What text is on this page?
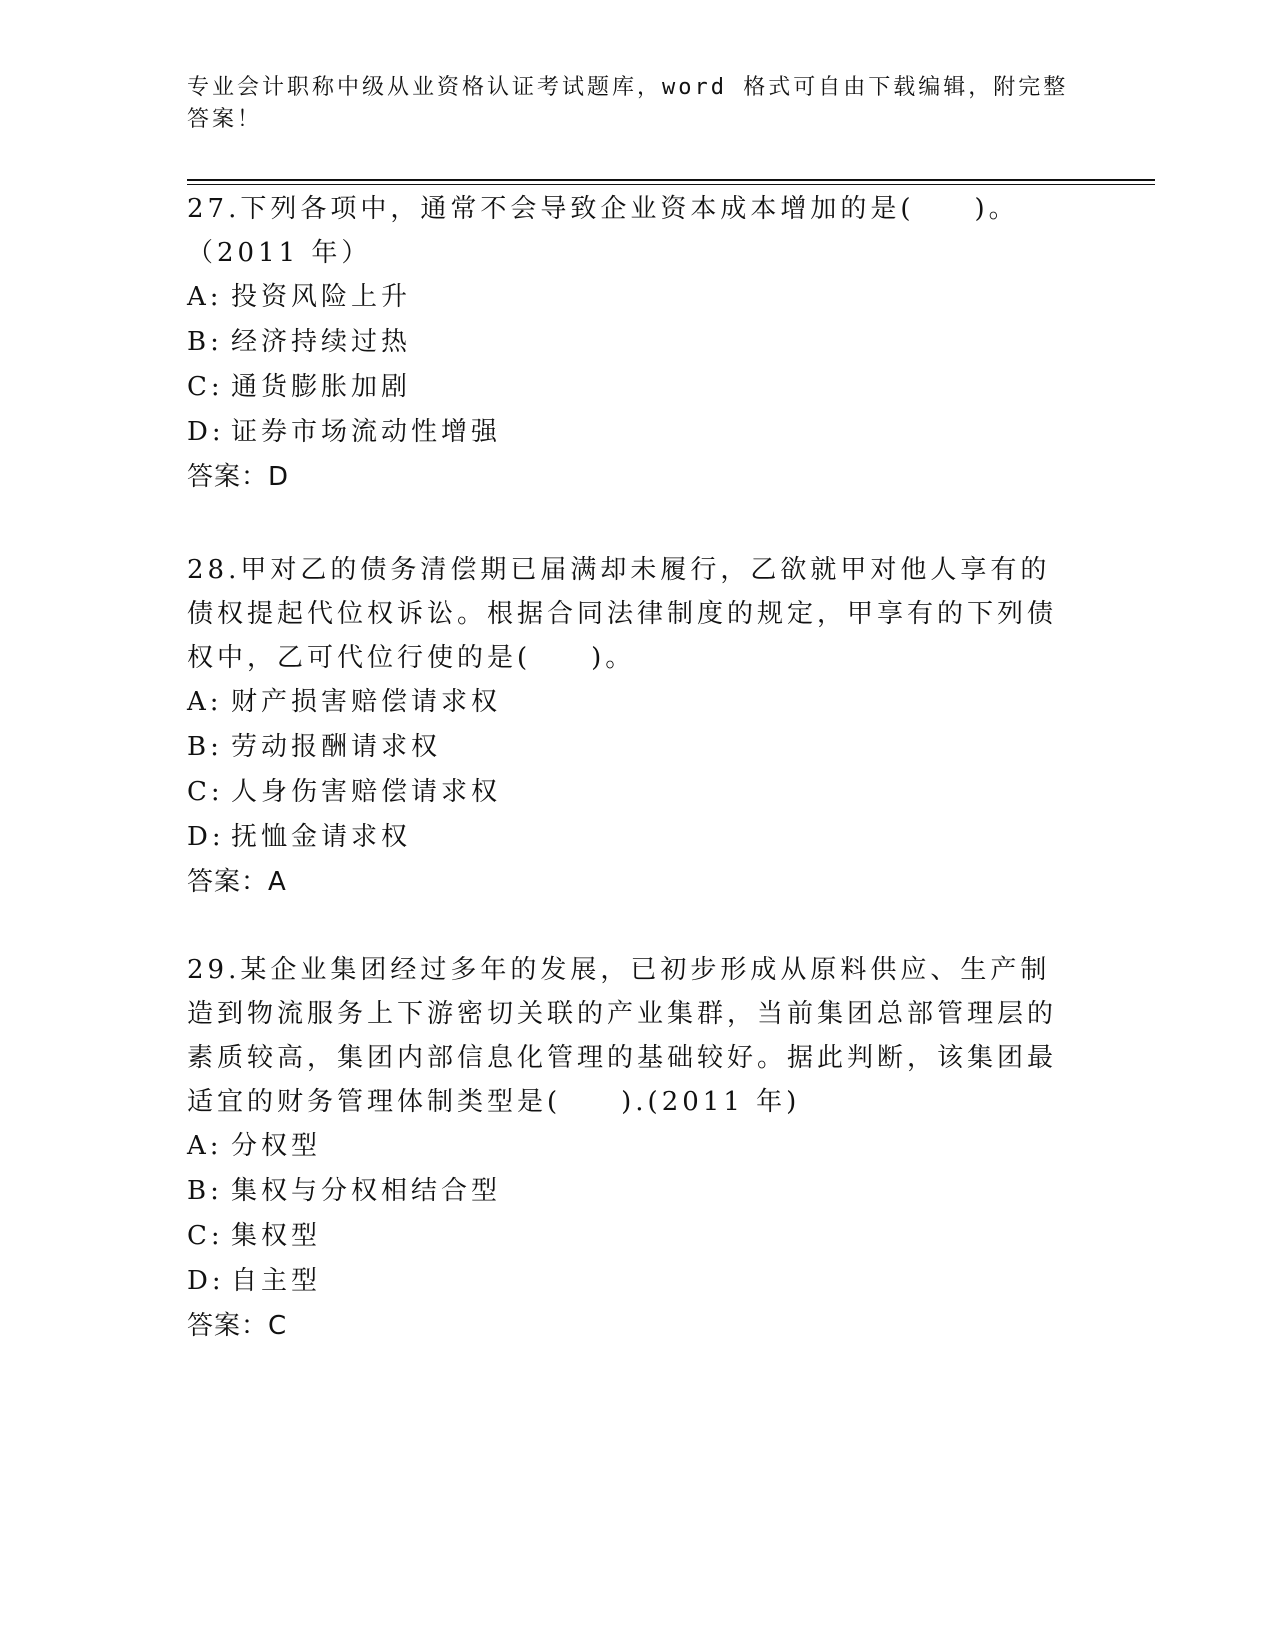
专业会计职称中级从业资格认证考试题库，word 格式可自由下载编辑，附完整答案！

27.下列各项中，通常不会导致企业资本成本增加的是(　　)。（2011 年）

A: 投资风险上升
B: 经济持续过热
C: 通货膨胀加剧
D: 证券市场流动性增强
答案：D

28.甲对乙的债务清偿期已届满却未履行，乙欲就甲对他人享有的债权提起代位权诉讼。根据合同法律制度的规定，甲享有的下列债权中，乙可代位行使的是(　　)。

A: 财产损害赔偿请求权
B: 劳动报酬请求权
C: 人身伤害赔偿请求权
D: 抚恤金请求权
答案：A

29.某企业集团经过多年的发展，已初步形成从原料供应、生产制造到物流服务上下游密切关联的产业集群，当前集团总部管理层的素质较高，集团内部信息化管理的基础较好。据此判断，该集团最适宜的财务管理体制类型是(　　).(2011 年)

A: 分权型
B: 集权与分权相结合型
C: 集权型
D: 自主型
答案：C
